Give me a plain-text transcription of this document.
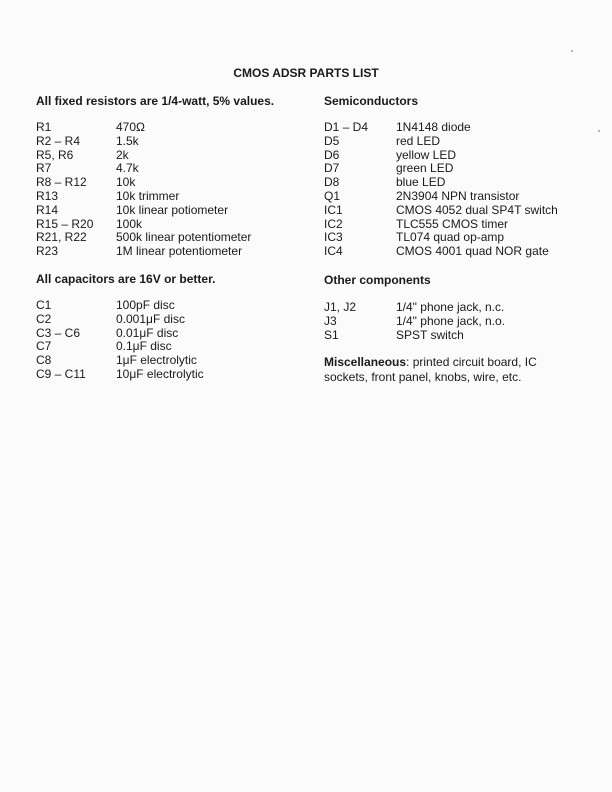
CMOS ADSR PARTS LIST
All fixed resistors are 1/4-watt, 5% values.
R1	470Ω
R2 – R4	1.5k
R5, R6	2k
R7	4.7k
R8 – R12 10k
R13	10k trimmer
R14	10k linear potiometer
R15 – R20 100k
R21, R22 500k linear potentiometer
R23	1M linear potentiometer
All capacitors are 16V or better.
C1	100pF disc
C2	0.001μF disc
C3 – C6	0.01μF disc
C7	0.1μF disc
C8	1μF electrolytic
C9 – C11	10μF electrolytic
Semiconductors
D1 – D4 1N4148 diode
D5	red LED
D6	yellow LED
D7	green LED
D8	blue LED
Q1	2N3904 NPN transistor
IC1	CMOS 4052 dual SP4T switch
IC2	TLC555 CMOS timer
IC3	TL074 quad op-amp
IC4	CMOS 4001 quad NOR gate
Other components
J1, J2	1/4" phone jack, n.c.
J3	1/4" phone jack, n.o.
S1	SPST switch
Miscellaneous: printed circuit board, IC sockets, front panel, knobs, wire, etc.
